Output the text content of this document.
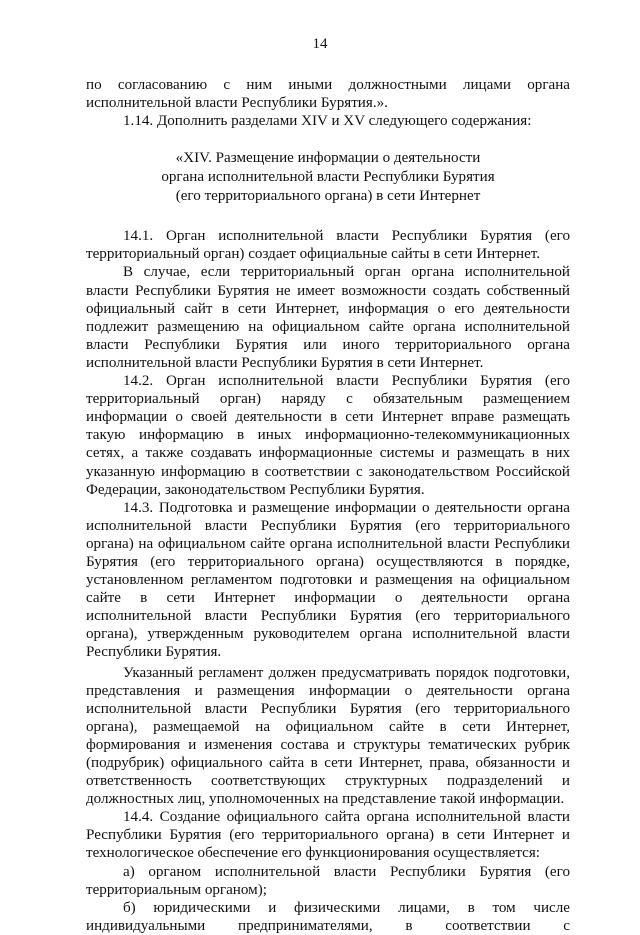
14

по согласованию с ним иными должностными лицами органа исполнительной власти Республики Бурятия.».

1.14. Дополнить разделами XIV и XV следующего содержания:

«XIV. Размещение информации о деятельности
органа исполнительной власти Республики Бурятия
(его территориального органа) в сети Интернет

14.1. Орган исполнительной власти Республики Бурятия (его территориальный орган) создает официальные сайты в сети Интернет.

В случае, если территориальный орган органа исполнительной власти Республики Бурятия не имеет возможности создать собственный официальный сайт в сети Интернет, информация о его деятельности подлежит размещению на официальном сайте органа исполнительной власти Республики Бурятия или иного территориального органа исполнительной власти Республики Бурятия в сети Интернет.

14.2. Орган исполнительной власти Республики Бурятия (его территориальный орган) наряду с обязательным размещением информации о своей деятельности в сети Интернет вправе размещать такую информацию в иных информационно-телекоммуникационных сетях, а также создавать информационные системы и размещать в них указанную информацию в соответствии с законодательством Российской Федерации, законодательством Республики Бурятия.

14.3. Подготовка и размещение информации о деятельности органа исполнительной власти Республики Бурятия (его территориального органа) на официальном сайте органа исполнительной власти Республики Бурятия (его территориального органа) осуществляются в порядке, установленном регламентом подготовки и размещения на официальном сайте в сети Интернет информации о деятельности органа исполнительной власти Республики Бурятия (его территориального органа), утвержденным руководителем органа исполнительной власти Республики Бурятия.

Указанный регламент должен предусматривать порядок подготовки, представления и размещения информации о деятельности органа исполнительной власти Республики Бурятия (его территориального органа), размещаемой на официальном сайте в сети Интернет, формирования и изменения состава и структуры тематических рубрик (подрубрик) официального сайта в сети Интернет, права, обязанности и ответственность соответствующих структурных подразделений и должностных лиц, уполномоченных на представление такой информации.

14.4. Создание официального сайта органа исполнительной власти Республики Бурятия (его территориального органа) в сети Интернет и технологическое обеспечение его функционирования осуществляется:

а) органом исполнительной власти Республики Бурятия (его территориальным органом);

б) юридическими и физическими лицами, в том числе индивидуальными предпринимателями, в соответствии с
